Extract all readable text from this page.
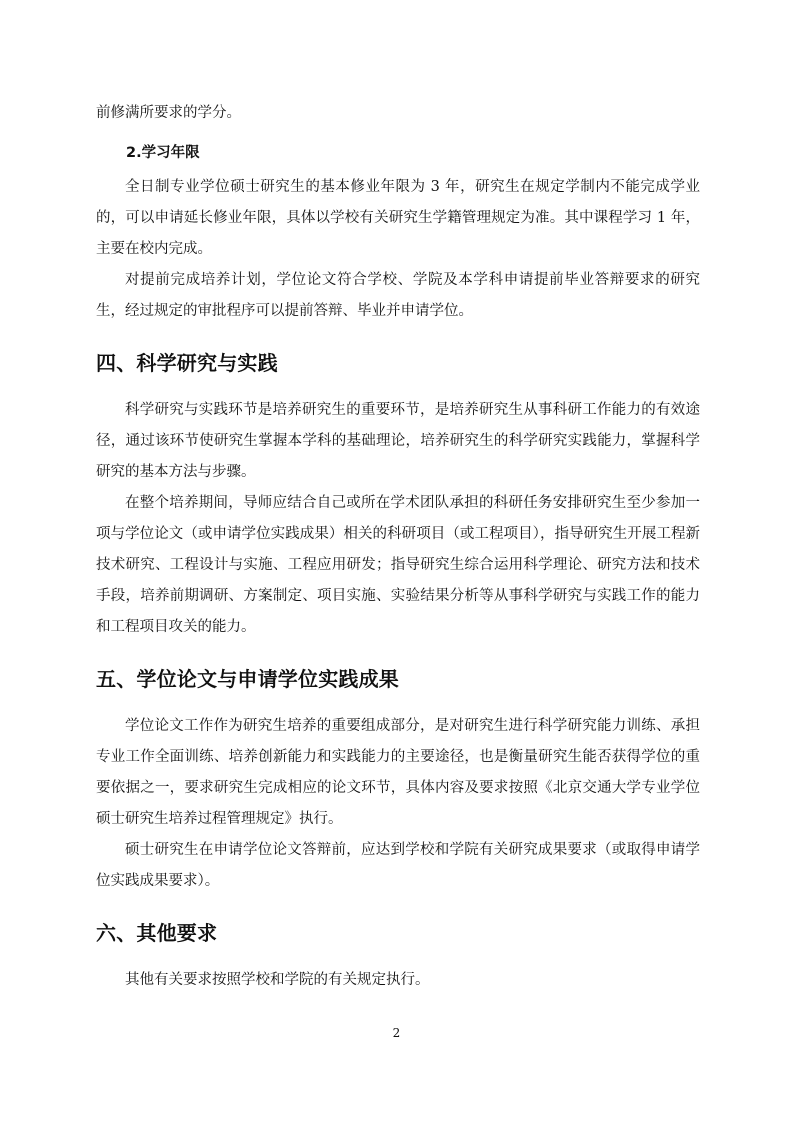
前修满所要求的学分。

2.学习年限

全日制专业学位硕士研究生的基本修业年限为 3 年，研究生在规定学制内不能完成学业的，可以申请延长修业年限，具体以学校有关研究生学籍管理规定为准。其中课程学习 1 年，主要在校内完成。

对提前完成培养计划，学位论文符合学校、学院及本学科申请提前毕业答辩要求的研究生，经过规定的审批程序可以提前答辩、毕业并申请学位。

四、科学研究与实践

科学研究与实践环节是培养研究生的重要环节，是培养研究生从事科研工作能力的有效途径，通过该环节使研究生掌握本学科的基础理论，培养研究生的科学研究实践能力，掌握科学研究的基本方法与步骤。

在整个培养期间，导师应结合自己或所在学术团队承担的科研任务安排研究生至少参加一项与学位论文（或申请学位实践成果）相关的科研项目（或工程项目），指导研究生开展工程新技术研究、工程设计与实施、工程应用研发；指导研究生综合运用科学理论、研究方法和技术手段，培养前期调研、方案制定、项目实施、实验结果分析等从事科学研究与实践工作的能力和工程项目攻关的能力。

五、学位论文与申请学位实践成果

学位论文工作作为研究生培养的重要组成部分，是对研究生进行科学研究能力训练、承担专业工作全面训练、培养创新能力和实践能力的主要途径，也是衡量研究生能否获得学位的重要依据之一，要求研究生完成相应的论文环节，具体内容及要求按照《北京交通大学专业学位硕士研究生培养过程管理规定》执行。

硕士研究生在申请学位论文答辩前，应达到学校和学院有关研究成果要求（或取得申请学位实践成果要求）。

六、其他要求

其他有关要求按照学校和学院的有关规定执行。

2
